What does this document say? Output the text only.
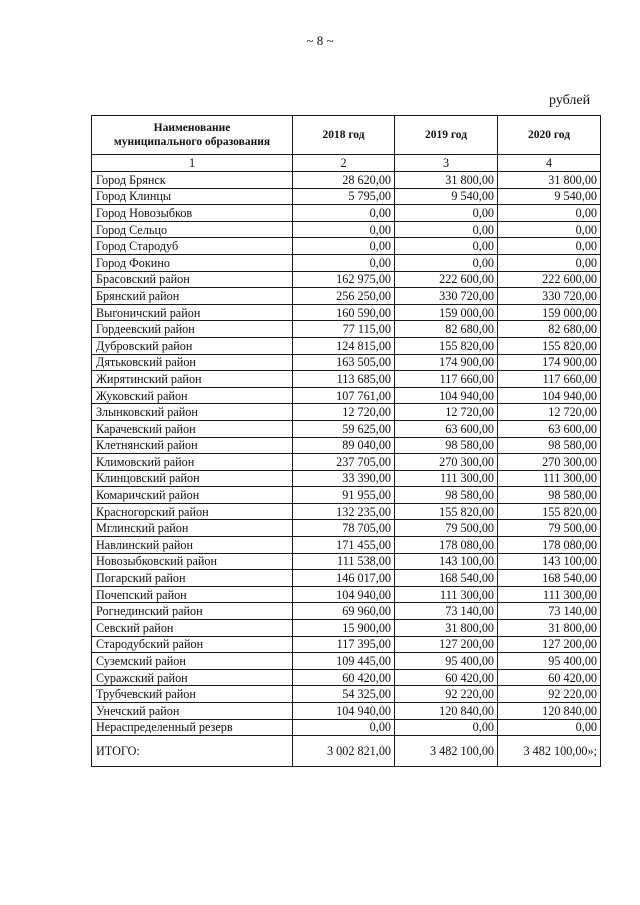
~ 8 ~
рублей
Наименование
муниципального образования	2018 год	2019 год	2020 год
1	2	3	4
Город Брянск	28 620,00	31 800,00	31 800,00
Город Клинцы	5 795,00	9 540,00	9 540,00
Город Новозыбков	0,00	0,00	0,00
Город Сельцо	0,00	0,00	0,00
Город Стародуб	0,00	0,00	0,00
Город Фокино	0,00	0,00	0,00
Брасовский район	162 975,00	222 600,00	222 600,00
Брянский район	256 250,00	330 720,00	330 720,00
Выгоничский район	160 590,00	159 000,00	159 000,00
Гордеевский район	77 115,00	82 680,00	82 680,00
Дубровский район	124 815,00	155 820,00	155 820,00
Дятьковский район	163 505,00	174 900,00	174 900,00
Жирятинский район	113 685,00	117 660,00	117 660,00
Жуковский район	107 761,00	104 940,00	104 940,00
Злынковский район	12 720,00	12 720,00	12 720,00
Карачевский район	59 625,00	63 600,00	63 600,00
Клетнянский район	89 040,00	98 580,00	98 580,00
Климовский район	237 705,00	270 300,00	270 300,00
Клинцовский район	33 390,00	111 300,00	111 300,00
Комаричский район	91 955,00	98 580,00	98 580,00
Красногорский район	132 235,00	155 820,00	155 820,00
Мглинский район	78 705,00	79 500,00	79 500,00
Навлинский район	171 455,00	178 080,00	178 080,00
Новозыбковский район	111 538,00	143 100,00	143 100,00
Погарский район	146 017,00	168 540,00	168 540,00
Почепский район	104 940,00	111 300,00	111 300,00
Рогнединский район	69 960,00	73 140,00	73 140,00
Севский район	15 900,00	31 800,00	31 800,00
Стародубский район	117 395,00	127 200,00	127 200,00
Суземский район	109 445,00	95 400,00	95 400,00
Суражский район	60 420,00	60 420,00	60 420,00
Трубчевский район	54 325,00	92 220,00	92 220,00
Унечский район	104 940,00	120 840,00	120 840,00
Нераспределенный резерв	0,00	0,00	0,00
ИТОГО:	3 002 821,00	3 482 100,00	3 482 100,00»;
